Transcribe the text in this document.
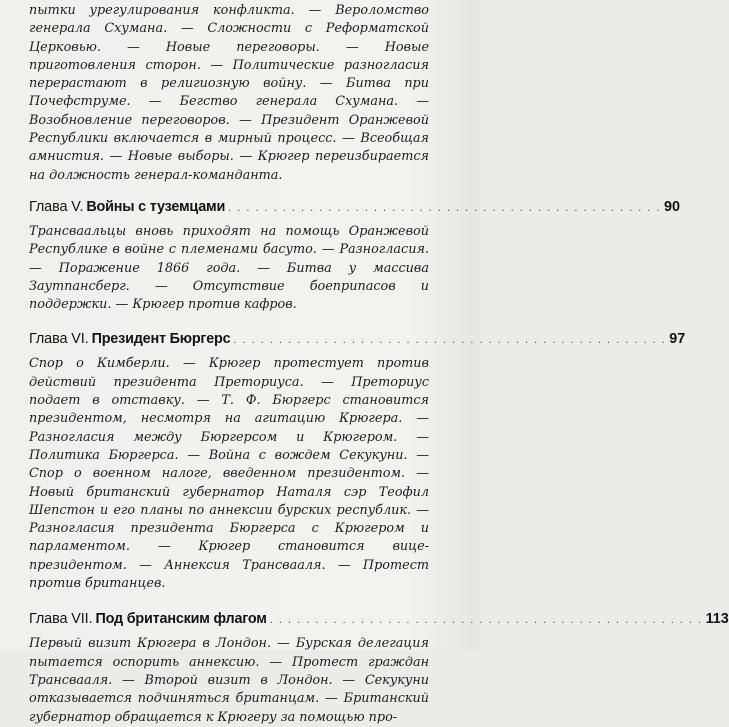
пытки урегулирования конфликта. — Вероломство генерала Схумана. — Сложности с Реформатской Церковью. — Новые переговоры. — Новые приготовления сторон. — Политические разногласия перерастают в религиозную войну. — Битва при Почефструме. — Бегство генерала Схумана. — Возобновление переговоров. — Президент Оранжевой Республики включается в мирный процесс. — Всеобщая амнистия. — Новые выборы. — Крюгер переизбирается на должность генерал-команданта.

Глава V. Войны с туземцами . . . . . . . . . . . . . . . . . . . . . . . . . . . . . . . . . . . . . . . . . . . . . . . . 90

Трансваальцы вновь приходят на помощь Оранжевой Республике в войне с племенами басуто. — Разногласия. — Поражение 1866 года. — Битва у массива Заутпансберг. — Отсутствие боеприпасов и поддержки. — Крюгер против кафров.

Глава VI. Президент Бюргерс . . . . . . . . . . . . . . . . . . . . . . . . . . . . . . . . . . . . . . . . . . . . . . . . 97

Спор о Кимберли. — Крюгер протестует против действий президента Преториуса. — Преториус подает в отставку. — Т. Ф. Бюргерс становится президентом, несмотря на агитацию Крюгера. — Разногласия между Бюргерсом и Крюгером. — Политика Бюргерса. — Война с вождем Секукуни. — Спор о военном налоге, введенном президентом. — Новый британский губернатор Наталя сэр Теофил Шепстон и его планы по аннексии бурских республик. — Разногласия президента Бюргерса с Крюгером и парламентом. — Крюгер становится вице-президентом. — Аннексия Трансвааля. — Протест против британцев.

Глава VII. Под британским флагом . . . . . . . . . . . . . . . . . . . . . . . . . . . . . . . . . . . . . . . . . . . . . . . . 113

Первый визит Крюгера в Лондон. — Бурская делегация пытается оспорить аннексию. — Протест граждан Трансвааля. — Второй визит в Лондон. — Секукуни отказывается подчиняться британцам. — Британский губернатор обращается к Крюгеру за помощью про-
